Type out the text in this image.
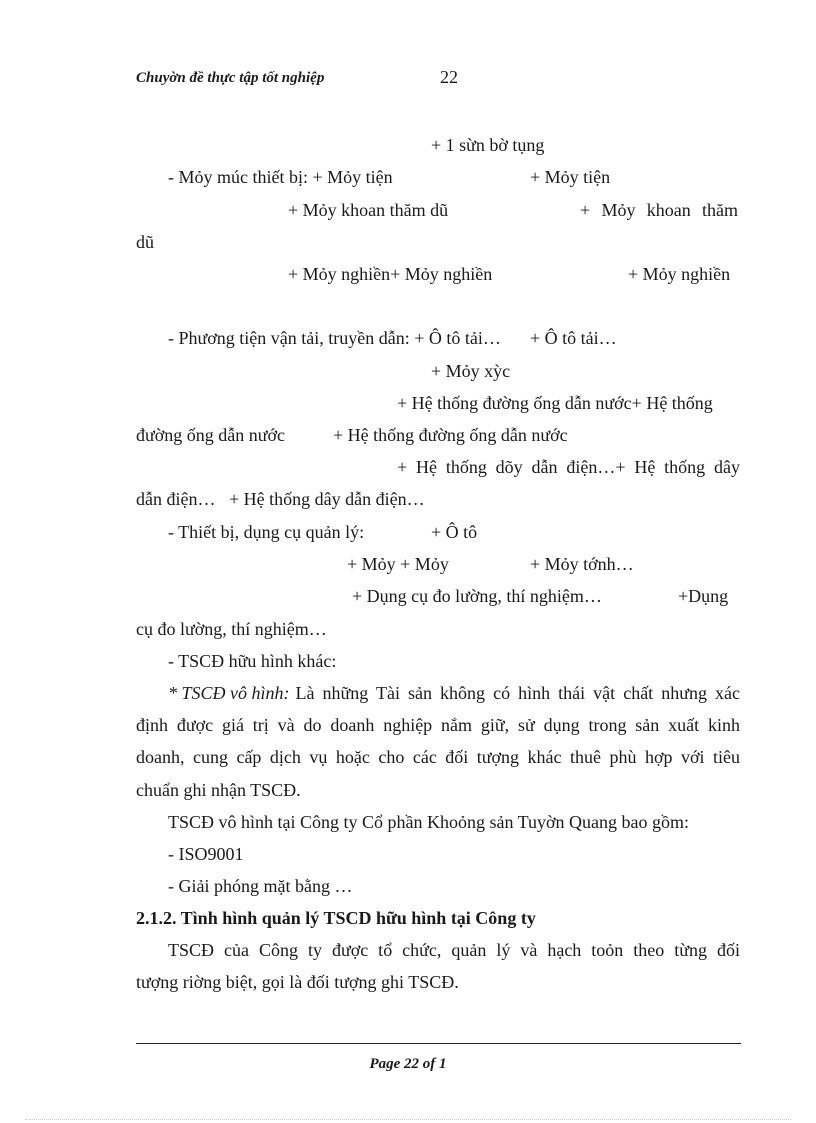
Chuyờn đề thực tập tốt nghiệp	22
+ 1 sừn bờ tụng
- Mỏy múc thiết bị: + Mỏy tiện	+ Mỏy tiện
+ Mỏy khoan thăm dũ	+ Mỏy khoan thăm
dũ
+ Mỏy nghiền+ Mỏy nghiền	+ Mỏy nghiền
- Phương tiện vận tải, truyền dẫn: + Ô tô tải… + Ô tô tải…
+ Mỏy xỳc
+ Hệ thống đường ống dẫn nước+ Hệ thống
đường ống dẫn nước	+ Hệ thống đường ống dẫn nước
+ Hệ thống dõy dẫn điện…+ Hệ thống dây
dẫn điện…   + Hệ thống dây dẫn điện…
- Thiết bị, dụng cụ quản lý:	+ Ô tô
+ Mỏy + Mỏy	+ Mỏy tớnh…
+ Dụng cụ đo lường, thí nghiệm…	+Dụng
cụ đo lường, thí nghiệm…
- TSCĐ hữu hình khác:
* TSCĐ vô hình: Là những Tài sản không có hình thái vật chất nhưng xác
định được giá trị và do doanh nghiệp nắm giữ, sử dụng trong sản xuất kinh
doanh, cung cấp dịch vụ hoặc cho các đối tượng khác thuê phù hợp với tiêu
chuẩn ghi nhận TSCĐ.
TSCĐ vô hình tại Công ty Cổ phần Khoỏng sản Tuyờn Quang bao gồm:
- ISO9001
- Giải phóng mặt bằng …
2.1.2. Tình hình quản lý TSCD hữu hình tại Công ty
TSCĐ của Công ty được tổ chức, quản lý và hạch toỏn theo từng đối
tượng riờng biệt, gọi là đối tượng ghi TSCĐ.
Page 22 of 1
